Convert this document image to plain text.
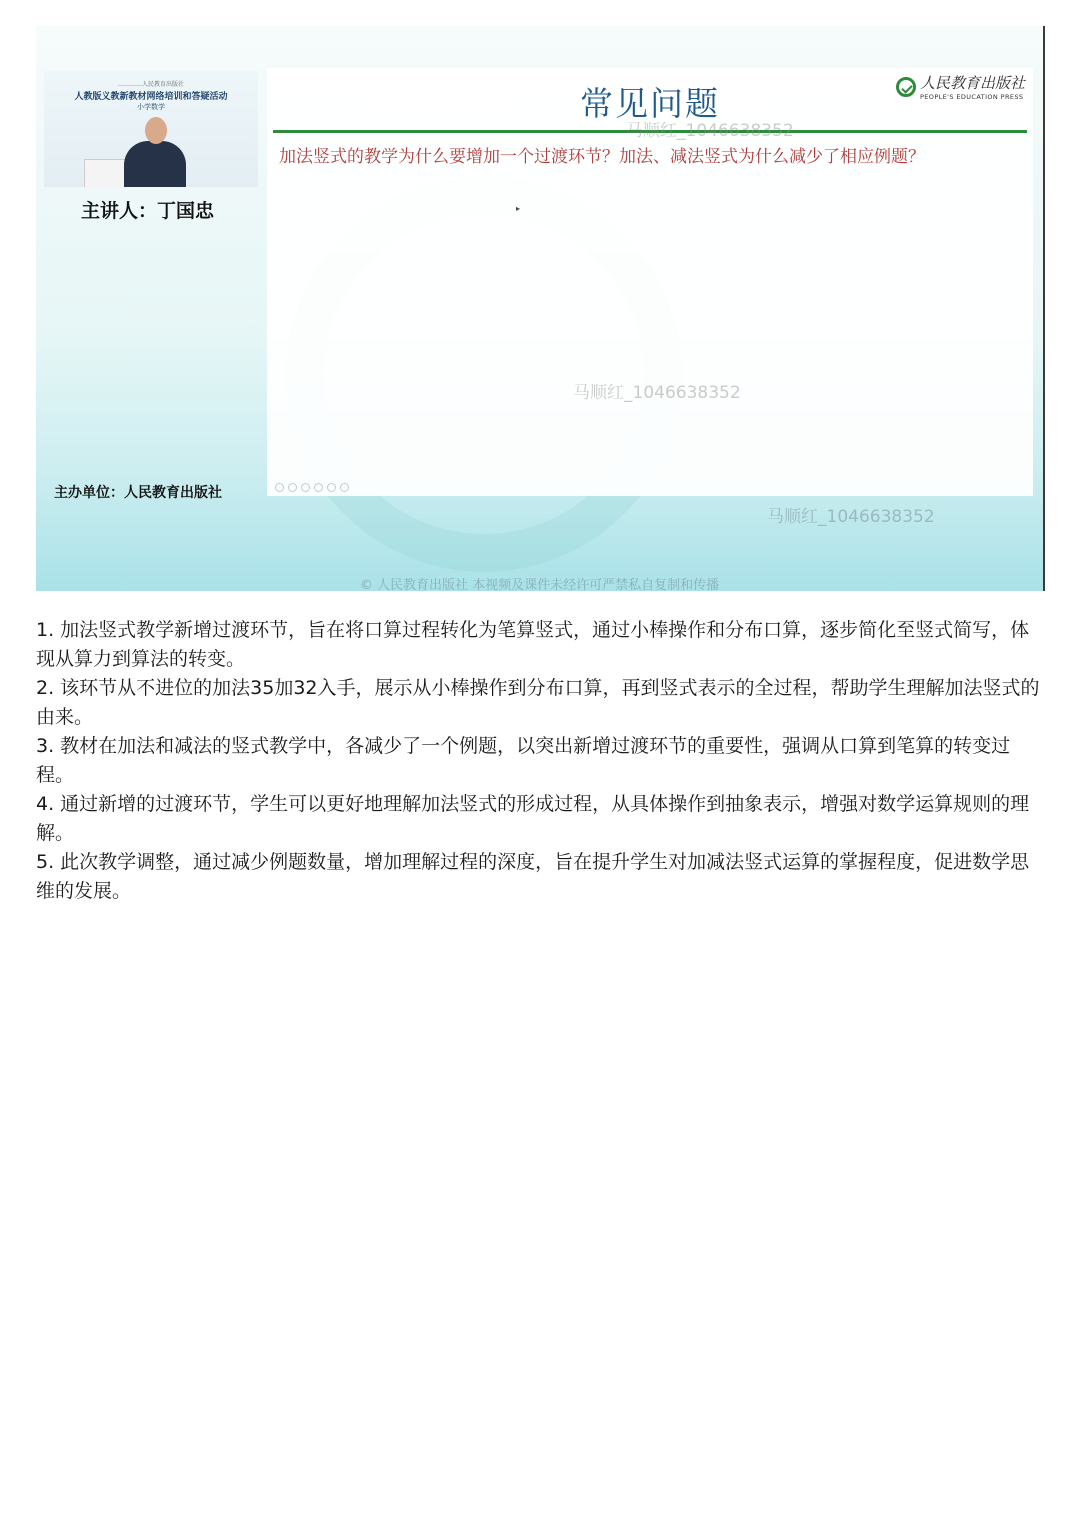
…………人民教育出版社
人教版义教新教材网络培训和答疑活动
小学数学
主讲人：丁国忠
主办单位：人民教育出版社
人民教育出版社
PEOPLE'S EDUCATION PRESS
常见问题
加法竖式的教学为什么要增加一个过渡环节？加法、减法竖式为什么减少了相应例题？
▸
马顺红_1046638352
马顺红_1046638352
马顺红_1046638352
© 人民教育出版社 本视频及课件未经许可严禁私自复制和传播

1. 加法竖式教学新增过渡环节，旨在将口算过程转化为笔算竖式，通过小棒操作和分布口算，逐步简化至竖式简写，体现从算力到算法的转变。

2. 该环节从不进位的加法35加32入手，展示从小棒操作到分布口算，再到竖式表示的全过程，帮助学生理解加法竖式的由来。

3. 教材在加法和减法的竖式教学中，各减少了一个例题，以突出新增过渡环节的重要性，强调从口算到笔算的转变过程。

4. 通过新增的过渡环节，学生可以更好地理解加法竖式的形成过程，从具体操作到抽象表示，增强对数学运算规则的理解。

5. 此次教学调整，通过减少例题数量，增加理解过程的深度，旨在提升学生对加减法竖式运算的掌握程度，促进数学思维的发展。
